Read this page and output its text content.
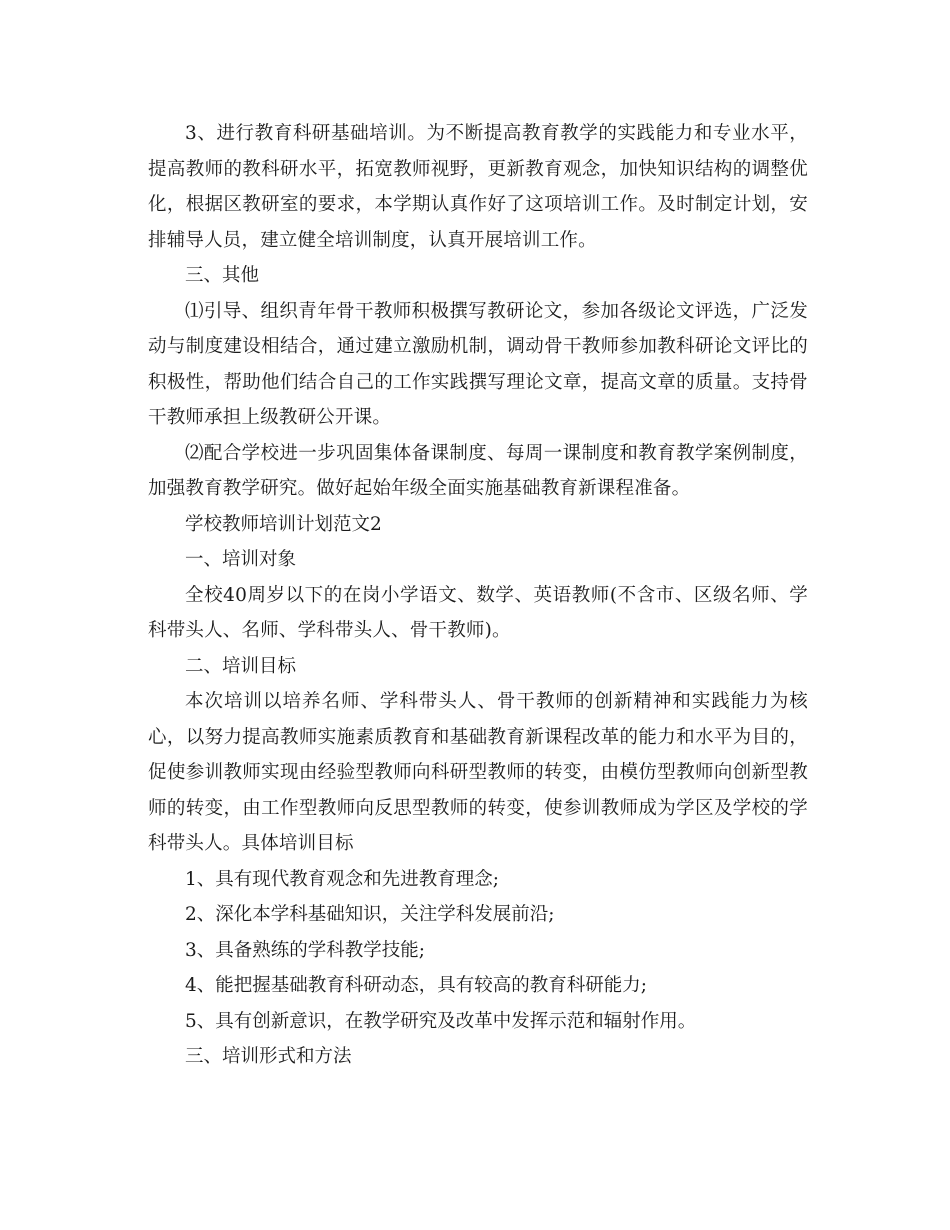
3、进行教育科研基础培训。为不断提高教育教学的实践能力和专业水平，提高教师的教科研水平，拓宽教师视野，更新教育观念，加快知识结构的调整优化，根据区教研室的要求，本学期认真作好了这项培训工作。及时制定计划，安排辅导人员，建立健全培训制度，认真开展培训工作。

三、其他

⑴引导、组织青年骨干教师积极撰写教研论文，参加各级论文评选，广泛发动与制度建设相结合，通过建立激励机制，调动骨干教师参加教科研论文评比的积极性，帮助他们结合自己的工作实践撰写理论文章，提高文章的质量。支持骨干教师承担上级教研公开课。

⑵配合学校进一步巩固集体备课制度、每周一课制度和教育教学案例制度，加强教育教学研究。做好起始年级全面实施基础教育新课程准备。

学校教师培训计划范文2

一、培训对象

全校40周岁以下的在岗小学语文、数学、英语教师(不含市、区级名师、学科带头人、名师、学科带头人、骨干教师)。

二、培训目标

本次培训以培养名师、学科带头人、骨干教师的创新精神和实践能力为核心，以努力提高教师实施素质教育和基础教育新课程改革的能力和水平为目的，促使参训教师实现由经验型教师向科研型教师的转变，由模仿型教师向创新型教师的转变，由工作型教师向反思型教师的转变，使参训教师成为学区及学校的学科带头人。具体培训目标

1、具有现代教育观念和先进教育理念;

2、深化本学科基础知识，关注学科发展前沿;

3、具备熟练的学科教学技能;

4、能把握基础教育科研动态，具有较高的教育科研能力;

5、具有创新意识，在教学研究及改革中发挥示范和辐射作用。

三、培训形式和方法
